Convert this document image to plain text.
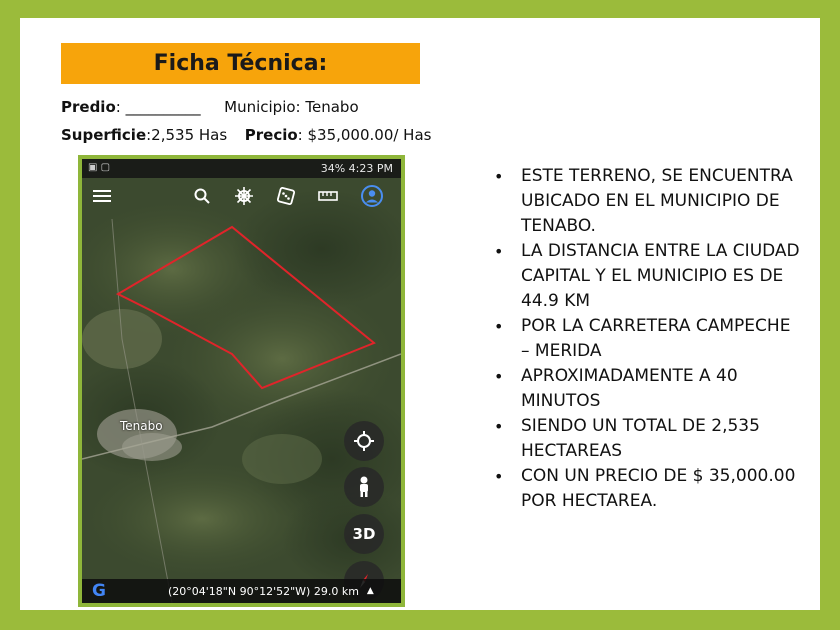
Ficha Técnica:
Predio: __________ Municipio: Tenabo
Superficie:2,535 Has Precio: $35,000.00/ Has
▣ ▢	34% 4:23 PM
Tenabo
3D
G	(20°04'18"N 90°12'52"W) 29.0 km ▲
• ESTE TERRENO, SE ENCUENTRA UBICADO EN EL MUNICIPIO DE TENABO.
• LA DISTANCIA ENTRE LA CIUDAD CAPITAL Y EL MUNICIPIO ES DE 44.9 KM
• POR LA CARRETERA CAMPECHE – MERIDA
• APROXIMADAMENTE A 40 MINUTOS
• SIENDO UN TOTAL DE 2,535 HECTAREAS
• CON UN PRECIO DE $ 35,000.00 POR HECTAREA.
